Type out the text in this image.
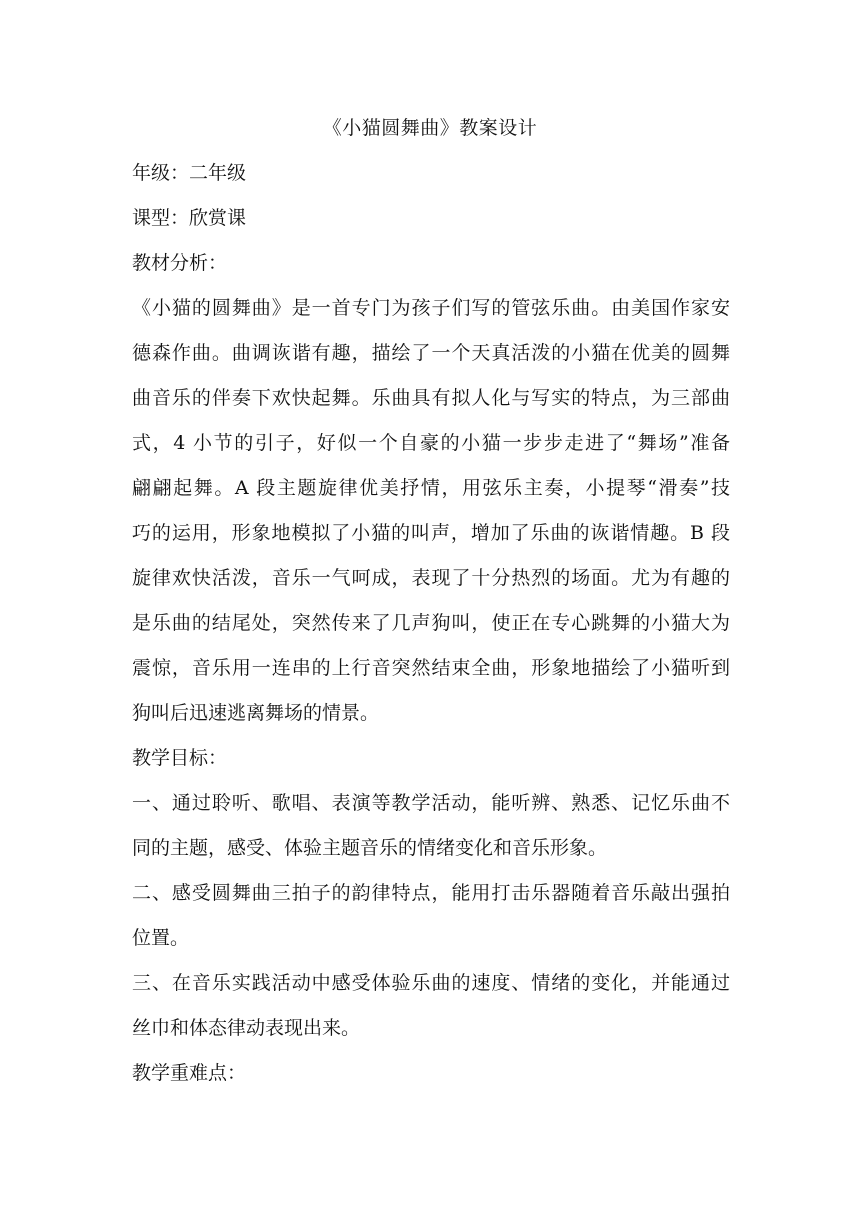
《小猫圆舞曲》教案设计
年级：二年级
课型：欣赏课
教材分析：
《小猫的圆舞曲》是一首专门为孩子们写的管弦乐曲。由美国作家安
德森作曲。曲调诙谐有趣，描绘了一个天真活泼的小猫在优美的圆舞
曲音乐的伴奏下欢快起舞。乐曲具有拟人化与写实的特点，为三部曲
式，4 小节的引子，好似一个自豪的小猫一步步走进了“舞场”准备
翩翩起舞。A 段主题旋律优美抒情，用弦乐主奏，小提琴“滑奏”技
巧的运用，形象地模拟了小猫的叫声，增加了乐曲的诙谐情趣。B 段
旋律欢快活泼，音乐一气呵成，表现了十分热烈的场面。尤为有趣的
是乐曲的结尾处，突然传来了几声狗叫，使正在专心跳舞的小猫大为
震惊，音乐用一连串的上行音突然结束全曲，形象地描绘了小猫听到
狗叫后迅速逃离舞场的情景。
教学目标：
一、通过聆听、歌唱、表演等教学活动，能听辨、熟悉、记忆乐曲不
同的主题，感受、体验主题音乐的情绪变化和音乐形象。
二、感受圆舞曲三拍子的韵律特点，能用打击乐器随着音乐敲出强拍
位置。
三、在音乐实践活动中感受体验乐曲的速度、情绪的变化，并能通过
丝巾和体态律动表现出来。
教学重难点：
